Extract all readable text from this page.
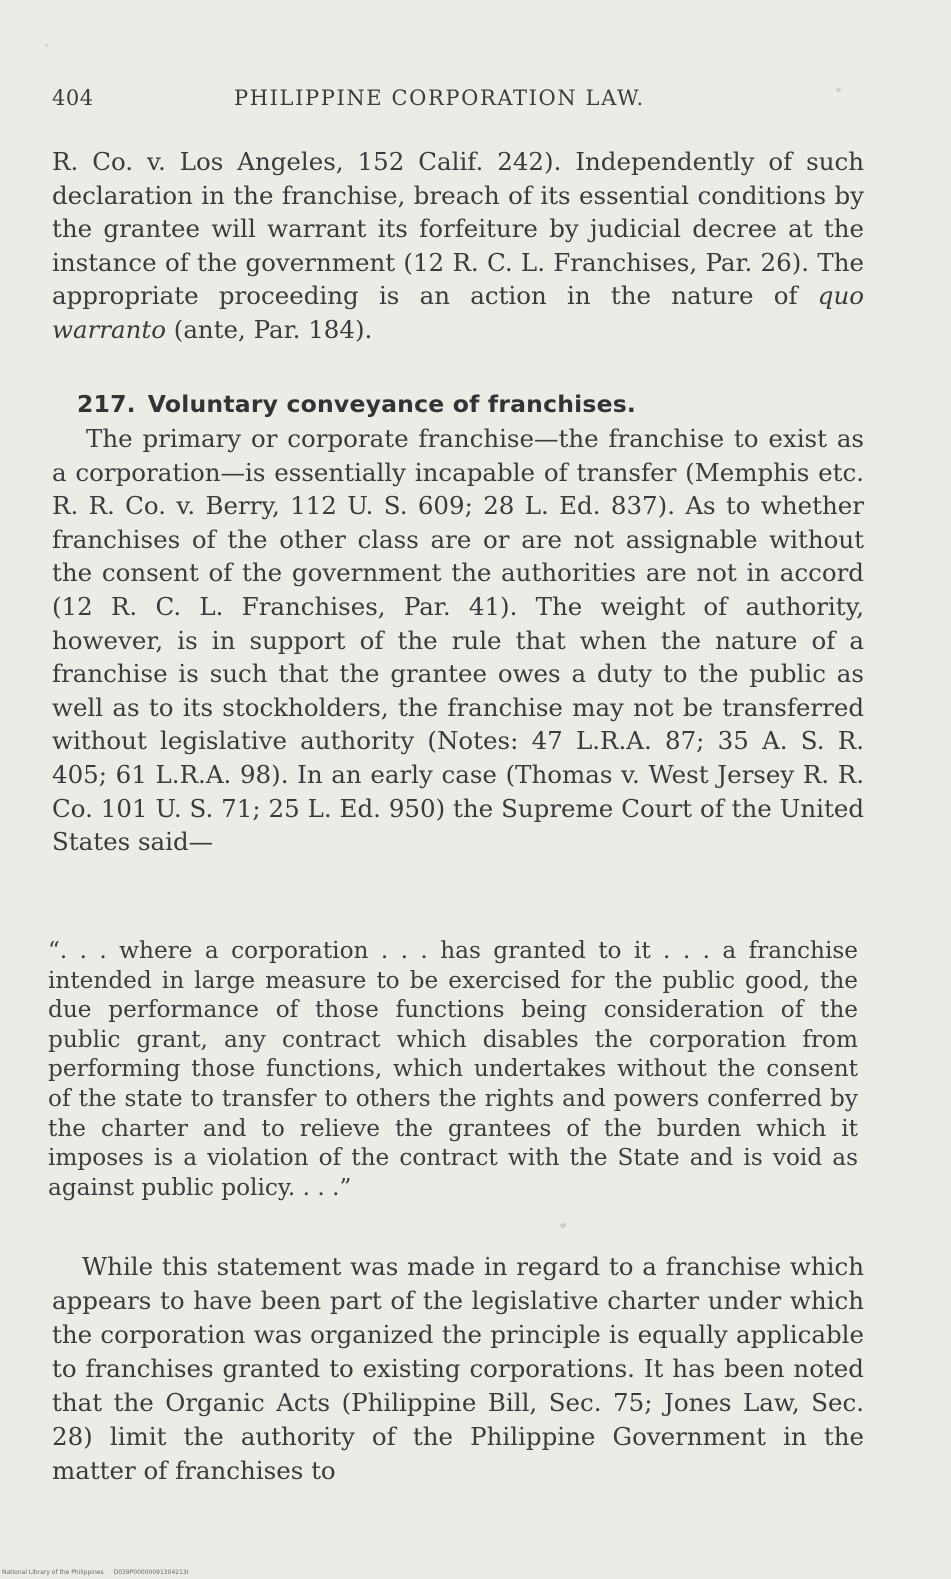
404	PHILIPPINE CORPORATION LAW.
R. Co. v. Los Angeles, 152 Calif. 242). Independently of such declaration in the franchise, breach of its essential conditions by the grantee will warrant its forfeiture by judicial decree at the instance of the government (12 R. C. L. Franchises, Par. 26). The appropriate proceeding is an action in the nature of quo warranto (ante, Par. 184).
217. Voluntary conveyance of franchises.
The primary or corporate franchise—the franchise to exist as a corporation—is essentially incapable of transfer (Memphis etc. R. R. Co. v. Berry, 112 U. S. 609; 28 L. Ed. 837). As to whether franchises of the other class are or are not assignable without the consent of the government the authorities are not in accord (12 R. C. L. Franchises, Par. 41). The weight of authority, however, is in support of the rule that when the nature of a franchise is such that the grantee owes a duty to the public as well as to its stockholders, the franchise may not be transferred without legislative authority (Notes: 47 L.R.A. 87; 35 A. S. R. 405; 61 L.R.A. 98). In an early case (Thomas v. West Jersey R. R. Co. 101 U. S. 71; 25 L. Ed. 950) the Supreme Court of the United States said—
“. . . where a corporation . . . has granted to it . . . a franchise intended in large measure to be exercised for the public good, the due performance of those functions being consideration of the public grant, any contract which disables the corporation from performing those functions, which undertakes without the consent of the state to transfer to others the rights and powers conferred by the charter and to relieve the grantees of the burden which it imposes is a violation of the contract with the State and is void as against public policy. . . .”
While this statement was made in regard to a franchise which appears to have been part of the legislative charter under which the corporation was organized the principle is equally applicable to franchises granted to existing corporations. It has been noted that the Organic Acts (Philippine Bill, Sec. 75; Jones Law, Sec. 28) limit the authority of the Philippine Government in the matter of franchises to
National Library of the Philippines D039P00000091304213I
